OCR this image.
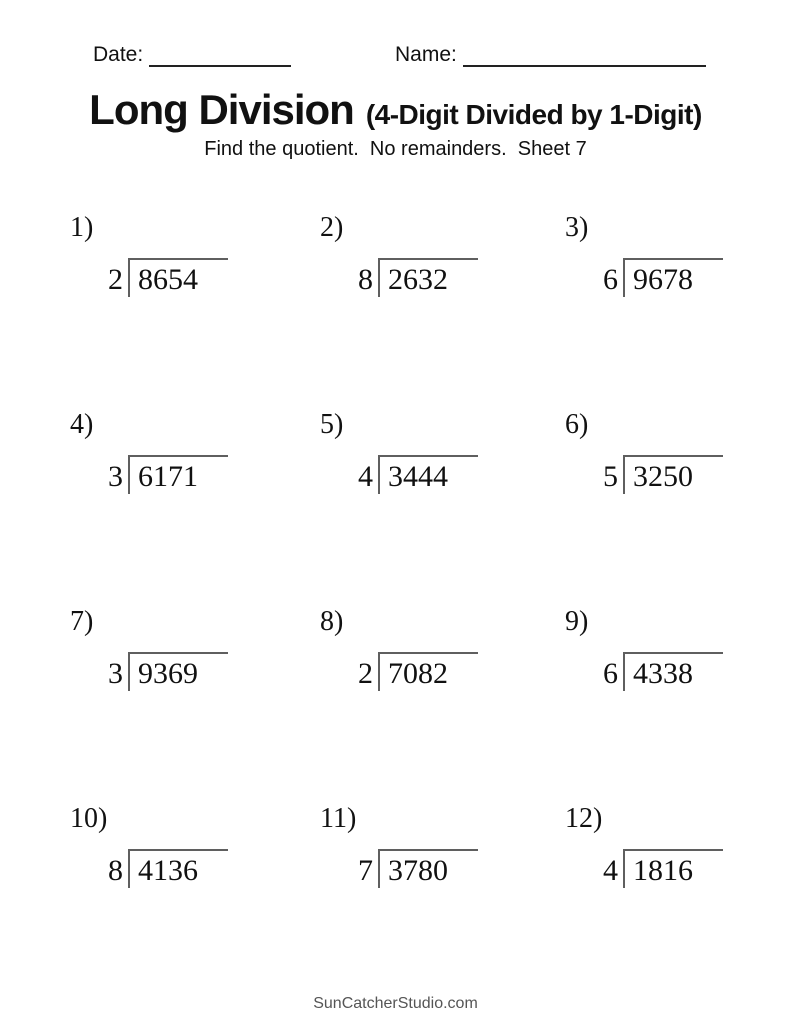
Date:	Name:
Long Division (4-Digit Divided by 1-Digit)
Find the quotient.  No remainders.  Sheet 7
1)
2 8654
2)
8 2632
3)
6 9678
4)
3 6171
5)
4 3444
6)
5 3250
7)
3 9369
8)
2 7082
9)
6 4338
10)
8 4136
11)
7 3780
12)
4 1816
SunCatcherStudio.com
